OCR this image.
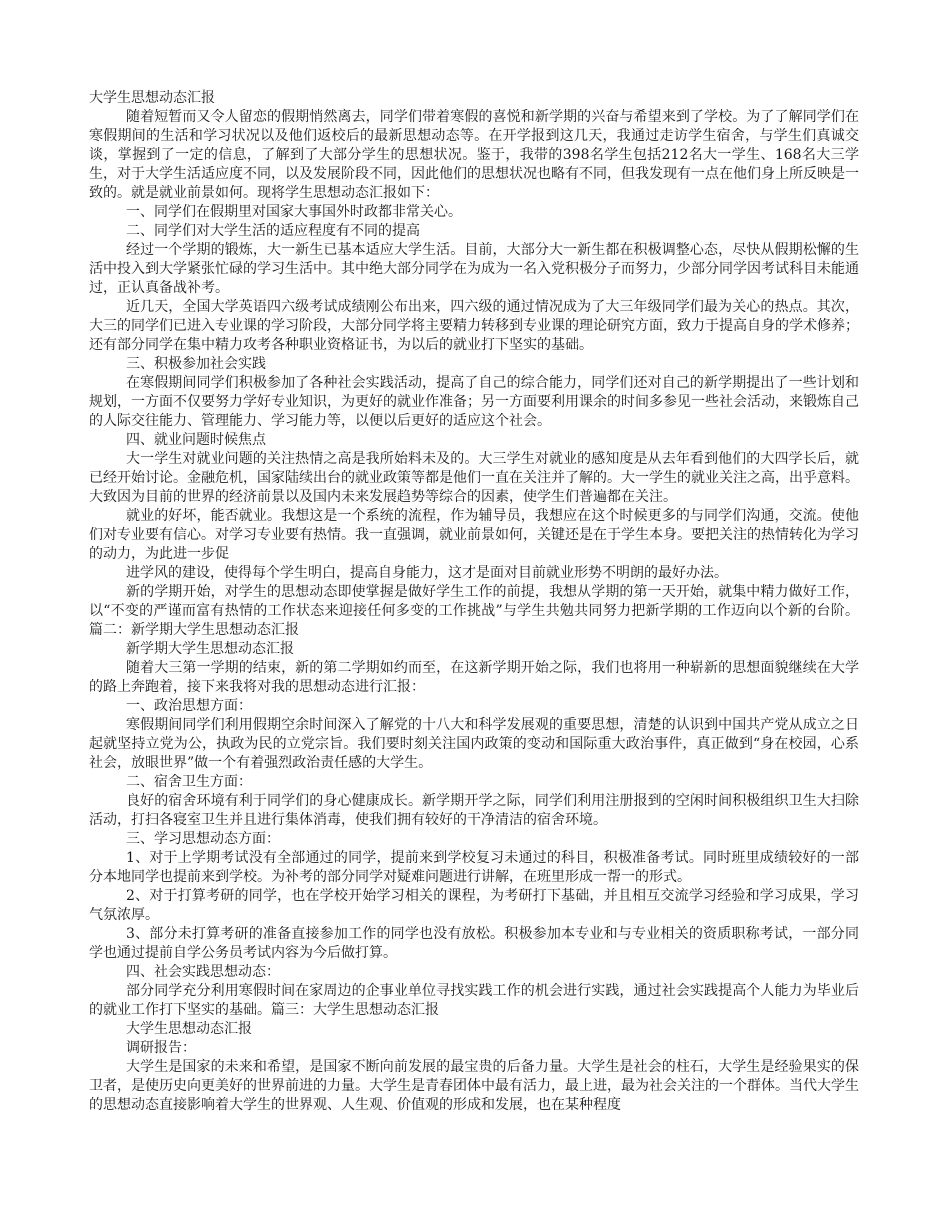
大学生思想动态汇报

随着短暂而又令人留恋的假期悄然离去，同学们带着寒假的喜悦和新学期的兴奋与希望来到了学校。为了了解同学们在寒假期间的生活和学习状况以及他们返校后的最新思想动态等。在开学报到这几天，我通过走访学生宿舍，与学生们真诚交谈，掌握到了一定的信息，了解到了大部分学生的思想状况。鉴于，我带的398名学生包括212名大一学生、168名大三学生，对于大学生活适应度不同，以及发展阶段不同，因此他们的思想状况也略有不同，但我发现有一点在他们身上所反映是一致的。就是就业前景如何。现将学生思想动态汇报如下：

一、同学们在假期里对国家大事国外时政都非常关心。

二、同学们对大学生活的适应程度有不同的提高

经过一个学期的锻炼，大一新生已基本适应大学生活。目前，大部分大一新生都在积极调整心态，尽快从假期松懈的生活中投入到大学紧张忙碌的学习生活中。其中绝大部分同学在为成为一名入党积极分子而努力，少部分同学因考试科目未能通过，正认真备战补考。

近几天，全国大学英语四六级考试成绩刚公布出来，四六级的通过情况成为了大三年级同学们最为关心的热点。其次，大三的同学们已进入专业课的学习阶段，大部分同学将主要精力转移到专业课的理论研究方面，致力于提高自身的学术修养；还有部分同学在集中精力攻考各种职业资格证书，为以后的就业打下坚实的基础。

三、积极参加社会实践

在寒假期间同学们积极参加了各种社会实践活动，提高了自己的综合能力，同学们还对自己的新学期提出了一些计划和规划，一方面不仅要努力学好专业知识，为更好的就业作准备；另一方面要利用课余的时间多参见一些社会活动，来锻炼自己的人际交往能力、管理能力、学习能力等，以便以后更好的适应这个社会。

四、就业问题时候焦点

大一学生对就业问题的关注热情之高是我所始料未及的。大三学生对就业的感知度是从去年看到他们的大四学长后，就已经开始讨论。金融危机，国家陆续出台的就业政策等都是他们一直在关注并了解的。大一学生的就业关注之高，出乎意料。大致因为目前的世界的经济前景以及国内未来发展趋势等综合的因素，使学生们普遍都在关注。

就业的好坏，能否就业。我想这是一个系统的流程，作为辅导员，我想应在这个时候更多的与同学们沟通，交流。使他们对专业要有信心。对学习专业要有热情。我一直强调，就业前景如何，关键还是在于学生本身。要把关注的热情转化为学习的动力，为此进一步促

进学风的建设，使得每个学生明白，提高自身能力，这才是面对目前就业形势不明朗的最好办法。

新的学期开始，对学生的思想动态即使掌握是做好学生工作的前提，我想从学期的第一天开始，就集中精力做好工作，以“不变的严谨而富有热情的工作状态来迎接任何多变的工作挑战”与学生共勉共同努力把新学期的工作迈向以个新的台阶。篇二：新学期大学生思想动态汇报

新学期大学生思想动态汇报

随着大三第一学期的结束，新的第二学期如约而至，在这新学期开始之际，我们也将用一种崭新的思想面貌继续在大学的路上奔跑着，接下来我将对我的思想动态进行汇报：

一、政治思想方面：

寒假期间同学们利用假期空余时间深入了解党的十八大和科学发展观的重要思想，清楚的认识到中国共产党从成立之日起就坚持立党为公，执政为民的立党宗旨。我们要时刻关注国内政策的变动和国际重大政治事件，真正做到“身在校园，心系社会，放眼世界”做一个有着强烈政治责任感的大学生。

二、宿舍卫生方面：

良好的宿舍环境有利于同学们的身心健康成长。新学期开学之际，同学们利用注册报到的空闲时间积极组织卫生大扫除活动，打扫各寝室卫生并且进行集体消毒，使我们拥有较好的干净清洁的宿舍环境。

三、学习思想动态方面：

1、对于上学期考试没有全部通过的同学，提前来到学校复习未通过的科目，积极准备考试。同时班里成绩较好的一部分本地同学也提前来到学校。为补考的部分同学对疑难问题进行讲解，在班里形成一帮一的形式。

2、对于打算考研的同学，也在学校开始学习相关的课程，为考研打下基础，并且相互交流学习经验和学习成果，学习气氛浓厚。

3、部分未打算考研的准备直接参加工作的同学也没有放松。积极参加本专业和与专业相关的资质职称考试，一部分同学也通过提前自学公务员考试内容为今后做打算。

四、社会实践思想动态：

部分同学充分利用寒假时间在家周边的企事业单位寻找实践工作的机会进行实践，通过社会实践提高个人能力为毕业后的就业工作打下坚实的基础。篇三：大学生思想动态汇报

大学生思想动态汇报

调研报告：

大学生是国家的未来和希望，是国家不断向前发展的最宝贵的后备力量。大学生是社会的柱石，大学生是经验果实的保卫者，是使历史向更美好的世界前进的力量。大学生是青春团体中最有活力，最上进，最为社会关注的一个群体。当代大学生的思想动态直接影响着大学生的世界观、人生观、价值观的形成和发展，也在某种程度
